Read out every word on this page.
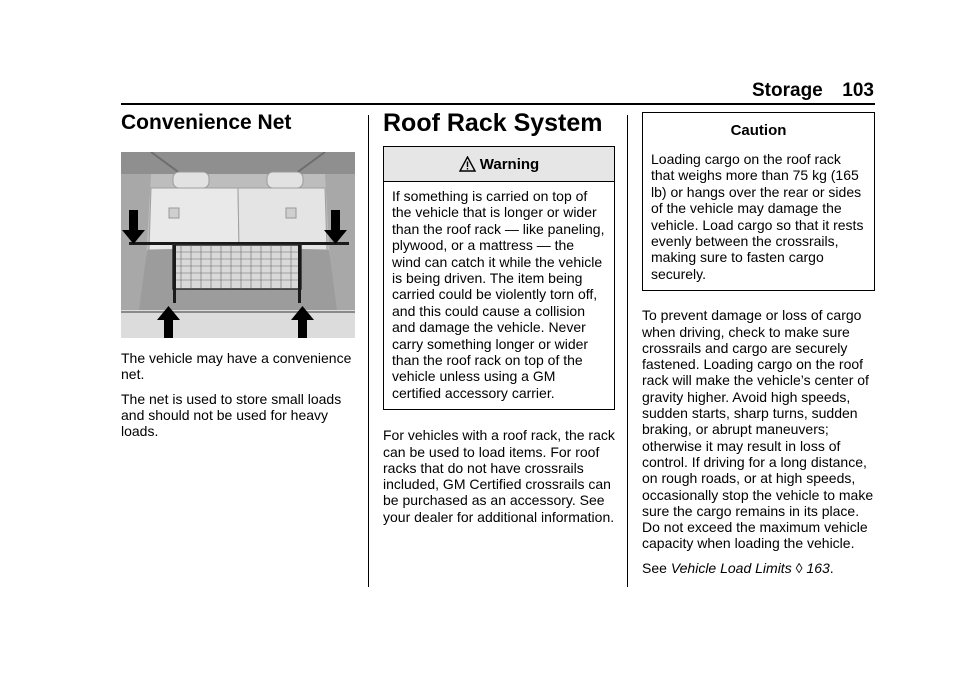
Storage 103
Convenience Net

The vehicle may have a convenience net.

The net is used to store small loads and should not be used for heavy loads.

Roof Rack System
Warning
If something is carried on top of the vehicle that is longer or wider than the roof rack — like paneling, plywood, or a mattress — the wind can catch it while the vehicle is being driven. The item being carried could be violently torn off, and this could cause a collision and damage the vehicle. Never carry something longer or wider than the roof rack on top of the vehicle unless using a GM certified accessory carrier.

For vehicles with a roof rack, the rack can be used to load items. For roof racks that do not have crossrails included, GM Certified crossrails can be purchased as an accessory. See your dealer for additional information.

Caution
Loading cargo on the roof rack that weighs more than 75 kg (165 lb) or hangs over the rear or sides of the vehicle may damage the vehicle. Load cargo so that it rests evenly between the crossrails, making sure to fasten cargo securely.

To prevent damage or loss of cargo when driving, check to make sure crossrails and cargo are securely fastened. Loading cargo on the roof rack will make the vehicle’s center of gravity higher. Avoid high speeds, sudden starts, sharp turns, sudden braking, or abrupt maneuvers; otherwise it may result in loss of control. If driving for a long distance, on rough roads, or at high speeds, occasionally stop the vehicle to make sure the cargo remains in its place. Do not exceed the maximum vehicle capacity when loading the vehicle.

See Vehicle Load Limits ◊ 163.
